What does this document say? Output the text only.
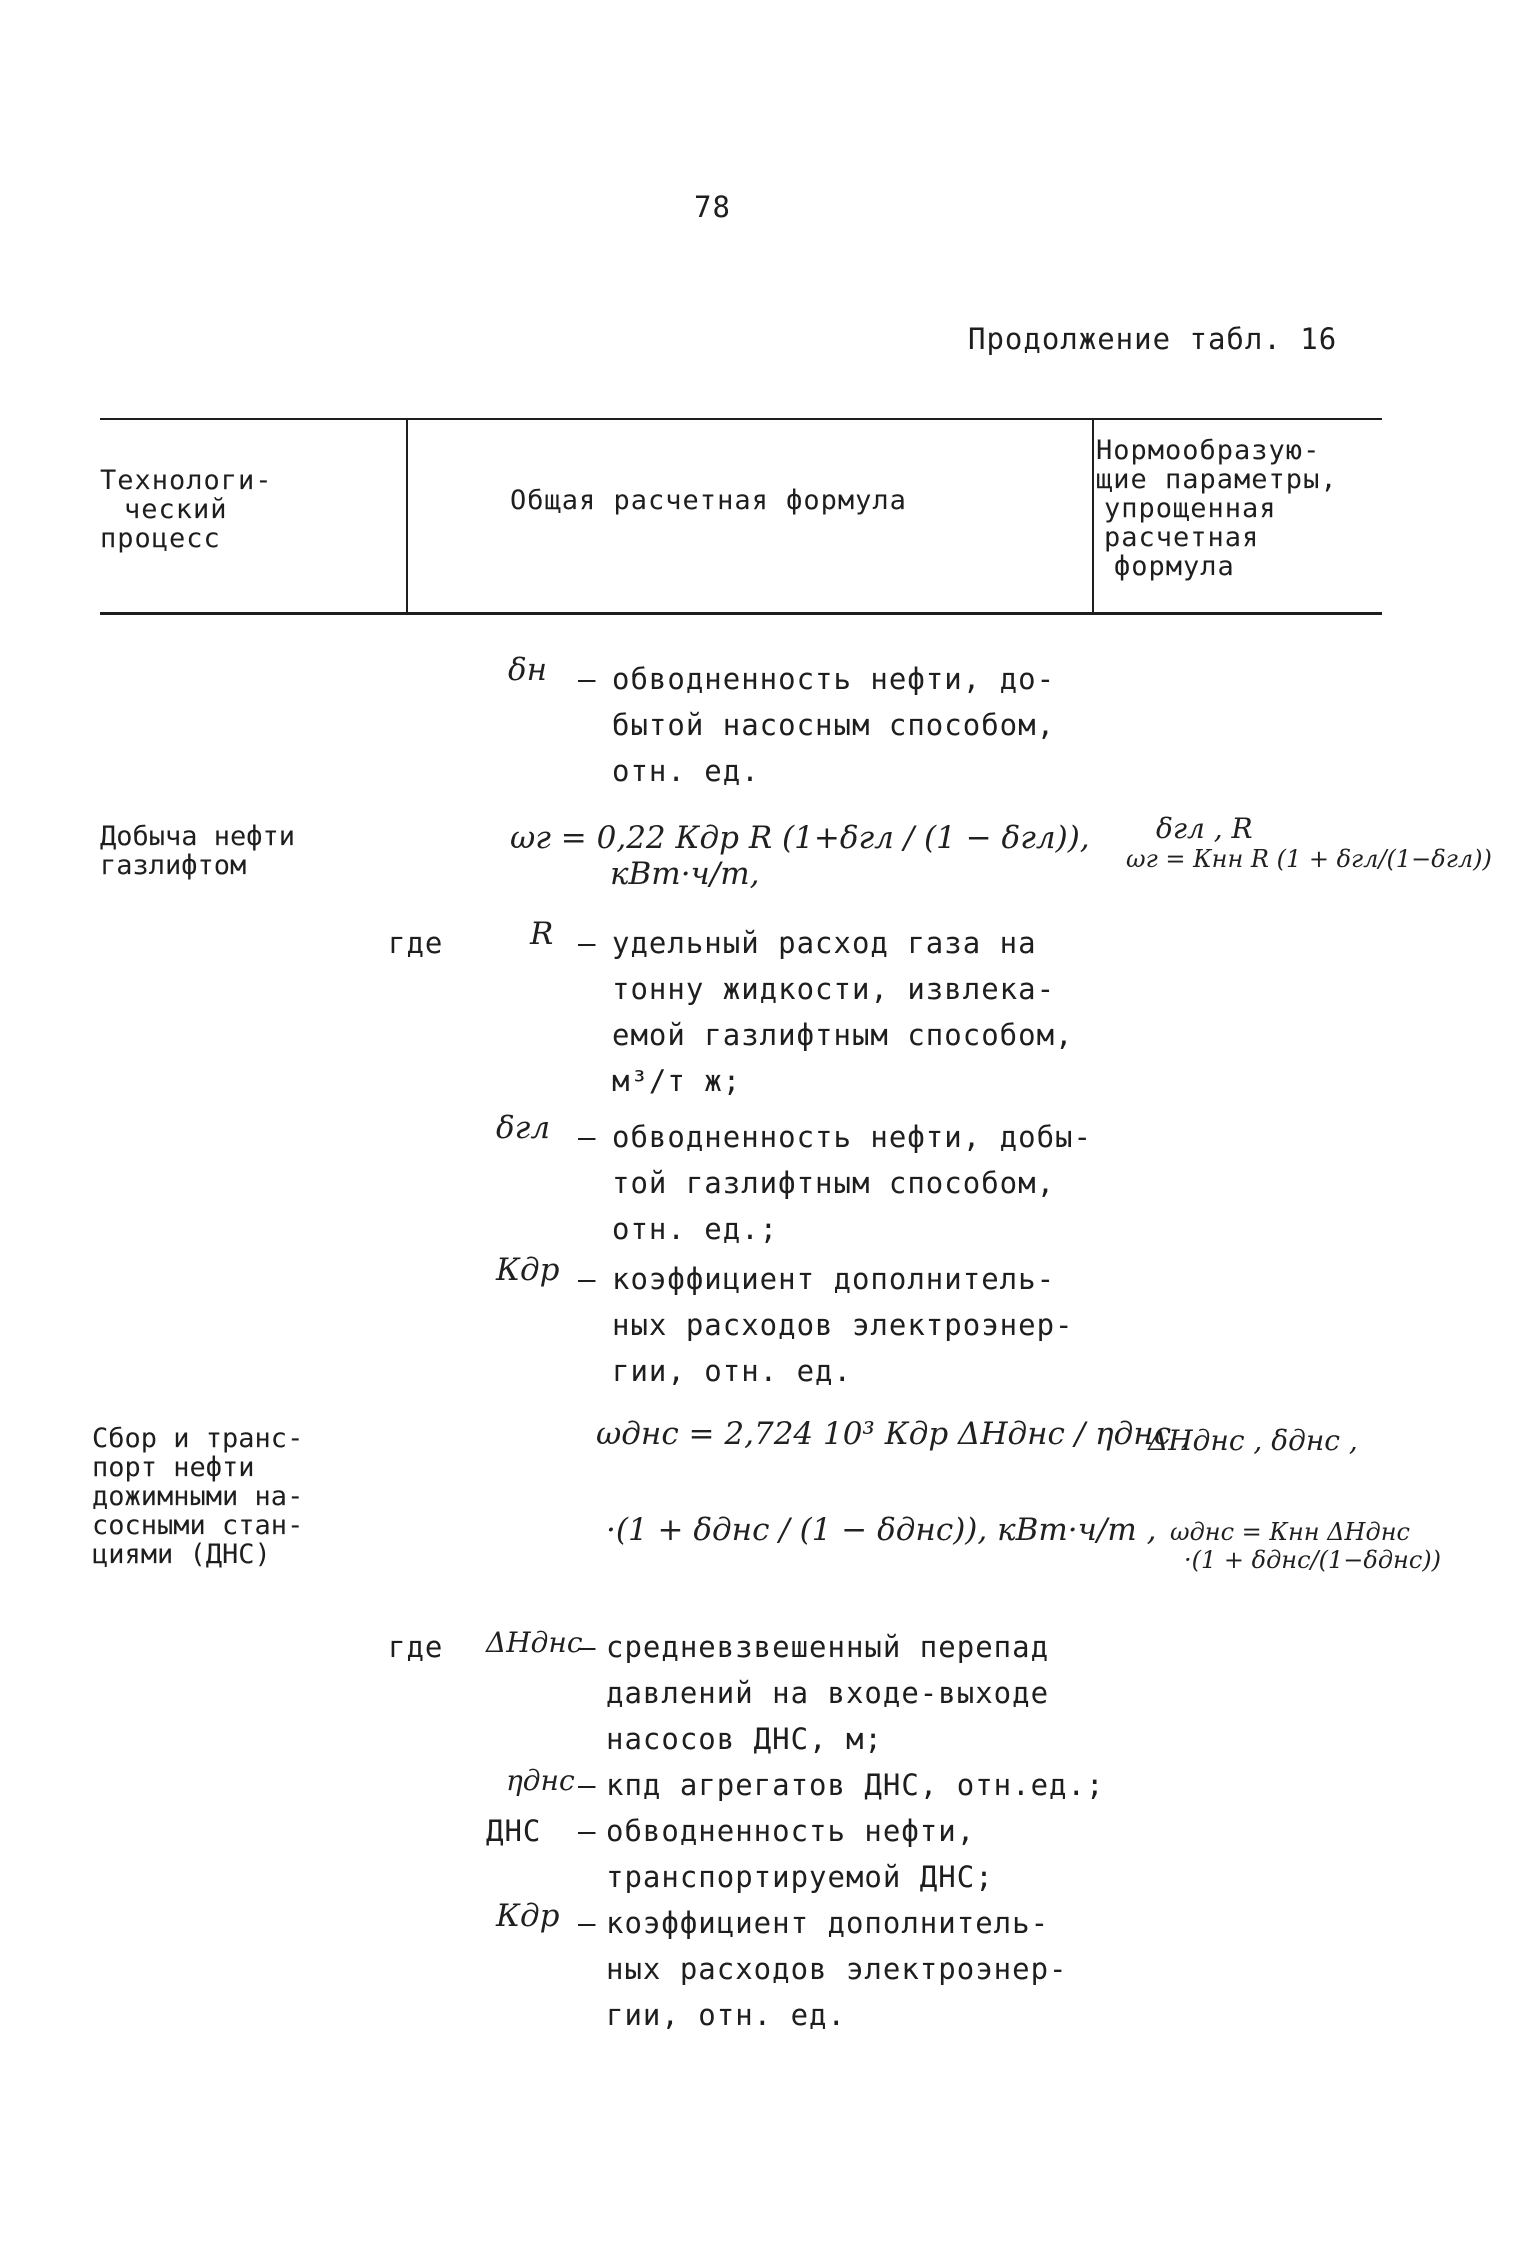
78
Продолжение табл. 16
Технологи-
ческий
процесс
Общая расчетная формула
Нормообразую-
щие параметры,
упрощенная
расчетная
формула
δн – обводненность нефти, до-
бытой насосным способом,
отн. ед.
Добыча нефти
газлифтом
ωг = 0,22 Кдр R (1+δгл / (1 − δгл)),
кВт·ч/т,
δгл , R
ωг = Кнн R (1 + δгл/(1−δгл))
где	R – удельный расход газа на
тонну жидкости, извлека-
емой газлифтным способом,
м³/т ж;
δгл – обводненность нефти, добы-
той газлифтным способом,
отн. ед.;
Кдр – коэффициент дополнитель-
ных расходов электроэнер-
гии, отн. ед.
Сбор и транс-
порт нефти
дожимными на-
сосными стан-
циями (ДНС)
ωднс = 2,724 10³ Кдр ΔНднс / ηднс ,
·(1 + δднс / (1 − δднс)), кВт·ч/т ,
ΔНднс , δднс ,
ωднс = Кнн ΔНднс
·(1 + δднс/(1−δднс))
где ΔНднс
– средневзвешенный перепад
давлений на входе-выходе
насосов ДНС, м;
ηднс – кпд агрегатов ДНС, отн.ед.;
ДНС – обводненность нефти,
транспортируемой ДНС;
Кдр – коэффициент дополнитель-
ных расходов электроэнер-
гии, отн. ед.
